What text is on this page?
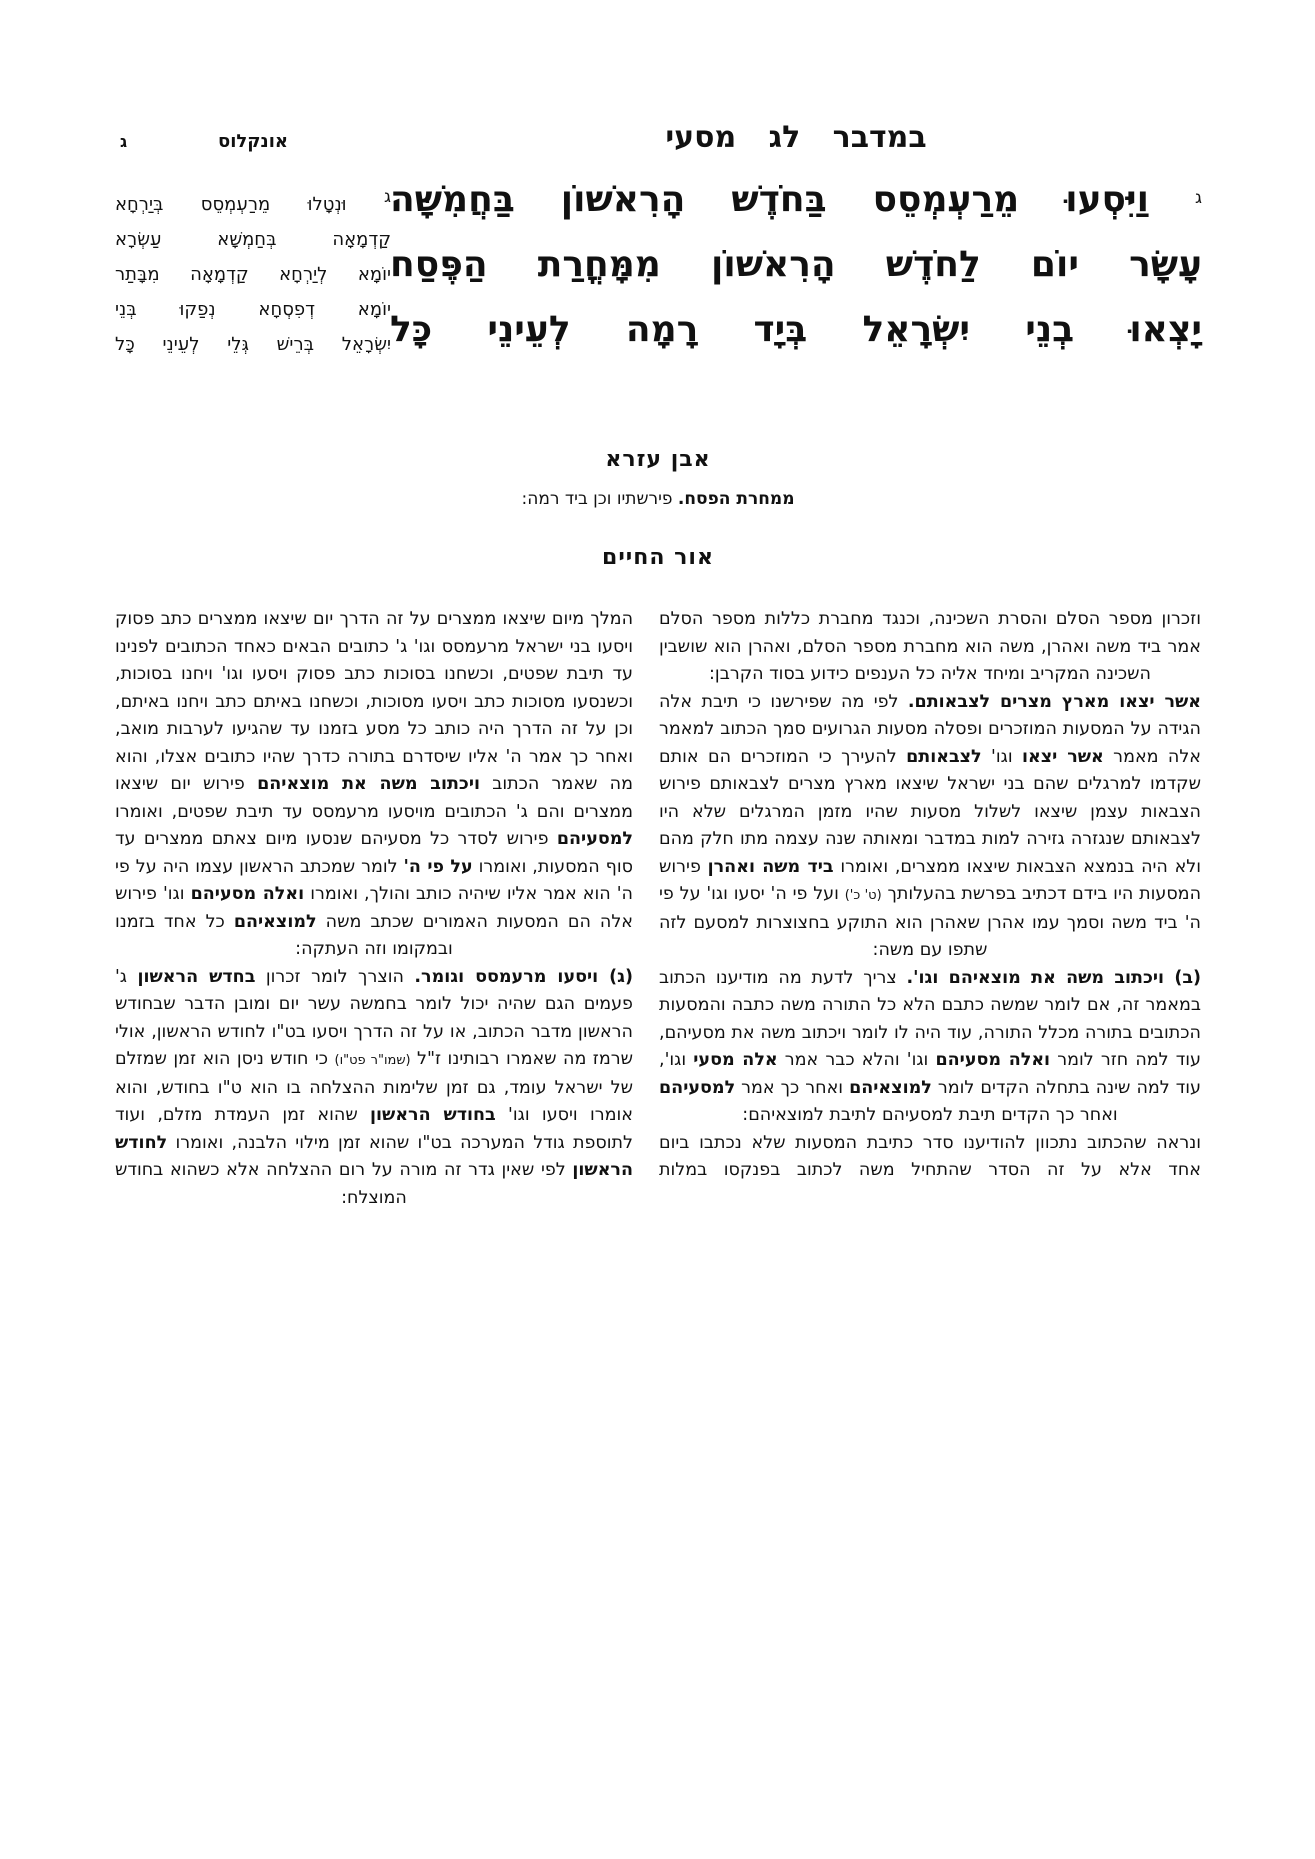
במדבר לג מסעי
אונקלוס
ג
$^ג$ וַיִּסְעוּ מֵרַעְמְסֵס בַּחֹדֶשׁ הָרִאשׁוֹן בַּחֲמִשָּׁה
עָשָׂר יוֹם לַחֹדֶשׁ הָרִאשׁוֹן מִמָּחֳרַת הַפֶּסַח
יָצְאוּ בְנֵי יִשְׂרָאֵל בְּיָד רָמָה לְעֵינֵי כָּל
ג וּנְטָלוּ מֵרַעְמְסֵס בְּיַרְחָא
קַדְמָאָה בְּחַמְשָׁא עַשְׂרָא
יוֹמָא לְיַרְחָא קַדְמָאָה מִבָּתַר
יוֹמָא דְפִסְחָא נְפַקוּ בְּנֵי
יִשְׂרָאֵל בְּרֵישׁ גְּלֵי לְעֵינֵי כָּל
אבן עזרא
ממחרת הפסח. פירשתיו וכן ביד רמה:
אור החיים

וזכרון מספר הסלם והסרת השכינה, וכנגד מחברת כללות מספר הסלם אמר ביד משה ואהרן, משה הוא מחברת מספר הסלם, ואהרן הוא שושבין השכינה המקריב ומיחד אליה כל הענפים כידוע בסוד הקרבן:

אשר יצאו מארץ מצרים לצבאותם. לפי מה שפירשנו כי תיבת אלה הגידה על המסעות המוזכרים ופסלה מסעות הגרועים סמך הכתוב למאמר אלה מאמר אשר יצאו וגו' לצבאותם להעירך כי המוזכרים הם אותם שקדמו למרגלים שהם בני ישראל שיצאו מארץ מצרים לצבאותם פירוש הצבאות עצמן שיצאו לשלול מסעות שהיו מזמן המרגלים שלא היו לצבאותם שנגזרה גזירה למות במדבר ומאותה שנה עצמה מתו חלק מהם ולא היה בנמצא הצבאות שיצאו ממצרים, ואומרו ביד משה ואהרן פירוש המסעות היו בידם דכתיב בפרשת בהעלותך (ט' כ') ועל פי ה' יסעו וגו' על פי ה' ביד משה וסמך עמו אהרן שאהרן הוא התוקע בחצוצרות למסעם לזה שתפו עם משה:

(ב) ויכתוב משה את מוצאיהם וגו'. צריך לדעת מה מודיענו הכתוב במאמר זה, אם לומר שמשה כתבם הלא כל התורה משה כתבה והמסעות הכתובים בתורה מכלל התורה, עוד היה לו לומר ויכתוב משה את מסעיהם, עוד למה חזר לומר ואלה מסעיהם וגו' והלא כבר אמר אלה מסעי וגו', עוד למה שינה בתחלה הקדים לומר למוצאיהם ואחר כך אמר למסעיהם ואחר כך הקדים תיבת למסעיהם לתיבת למוצאיהם:

ונראה שהכתוב נתכוון להודיענו סדר כתיבת המסעות שלא נכתבו ביום אחד אלא על זה הסדר שהתחיל משה לכתוב בפנקסו במלות

המלך מיום שיצאו ממצרים על זה הדרך יום שיצאו ממצרים כתב פסוק ויסעו בני ישראל מרעמסס וגו' ג' כתובים הבאים כאחד הכתובים לפנינו עד תיבת שפטים, וכשחנו בסוכות כתב פסוק ויסעו וגו' ויחנו בסוכות, וכשנסעו מסוכות כתב ויסעו מסוכות, וכשחנו באיתם כתב ויחנו באיתם, וכן על זה הדרך היה כותב כל מסע בזמנו עד שהגיעו לערבות מואב, ואחר כך אמר ה' אליו שיסדרם בתורה כדרך שהיו כתובים אצלו, והוא מה שאמר הכתוב ויכתוב משה את מוצאיהם פירוש יום שיצאו ממצרים והם ג' הכתובים מויסעו מרעמסס עד תיבת שפטים, ואומרו למסעיהם פירוש לסדר כל מסעיהם שנסעו מיום צאתם ממצרים עד סוף המסעות, ואומרו על פי ה' לומר שמכתב הראשון עצמו היה על פי ה' הוא אמר אליו שיהיה כותב והולך, ואומרו ואלה מסעיהם וגו' פירוש אלה הם המסעות האמורים שכתב משה למוצאיהם כל אחד בזמנו ובמקומו וזה העתקה:

(ג) ויסעו מרעמסס וגומר. הוצרך לומר זכרון בחדש הראשון ג' פעמים הגם שהיה יכול לומר בחמשה עשר יום ומובן הדבר שבחודש הראשון מדבר הכתוב, או על זה הדרך ויסעו בט"ו לחודש הראשון, אולי שרמז מה שאמרו רבותינו ז"ל (שמו"ר פט"ו) כי חודש ניסן הוא זמן שמזלם של ישראל עומד, גם זמן שלימות ההצלחה בו הוא ט"ו בחודש, והוא אומרו ויסעו וגו' בחודש הראשון שהוא זמן העמדת מזלם, ועוד לתוספת גודל המערכה בט"ו שהוא זמן מילוי הלבנה, ואומרו לחודש הראשון לפי שאין גדר זה מורה על רום ההצלחה אלא כשהוא בחודש המוצלח:
